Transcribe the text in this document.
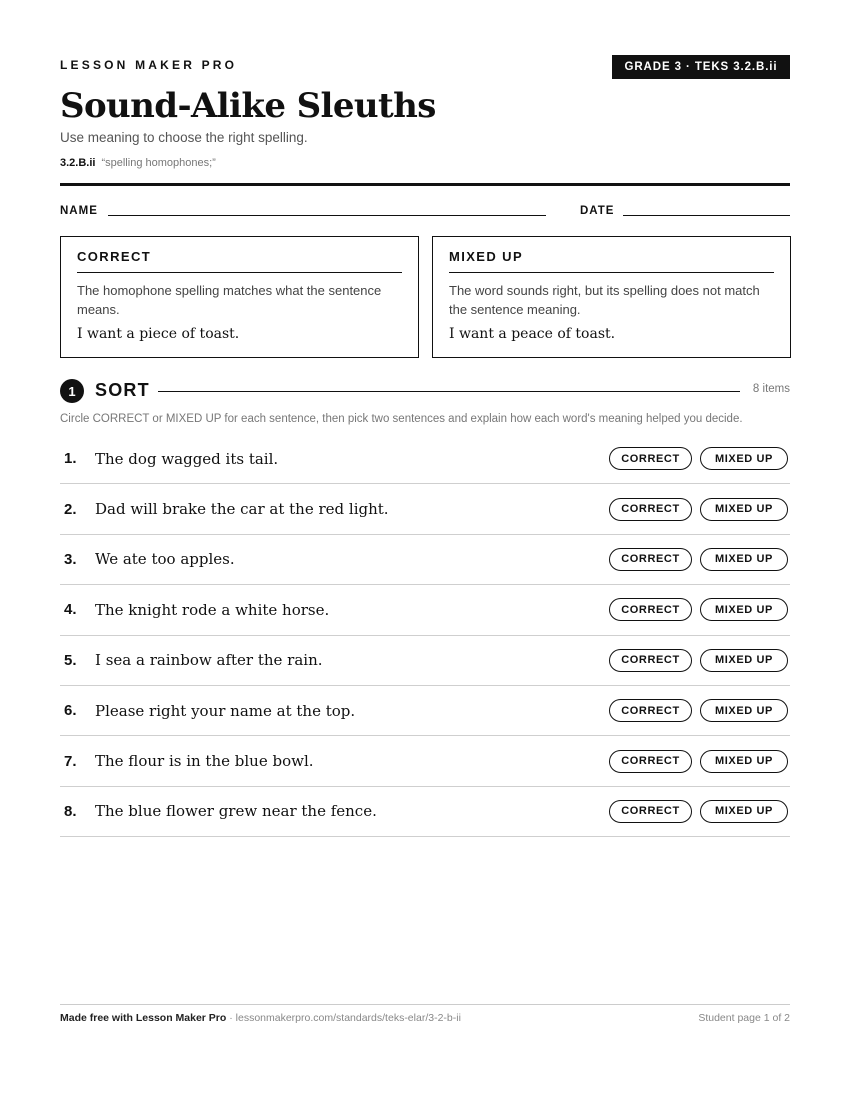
LESSON MAKER PRO	GRADE 3 · TEKS 3.2.B.ii
Sound-Alike Sleuths
Use meaning to choose the right spelling.
3.2.B.ii “spelling homophones;”
NAME	DATE
CORRECT
The homophone spelling matches what the sentence means.
I want a piece of toast.
MIXED UP
The word sounds right, but its spelling does not match the sentence meaning.
I want a peace of toast.
1	SORT	8 items
Circle CORRECT or MIXED UP for each sentence, then pick two sentences and explain how each word's meaning helped you decide.
1.	The dog wagged its tail.	CORRECT	MIXED UP
2.	Dad will brake the car at the red light.	CORRECT	MIXED UP
3.	We ate too apples.	CORRECT	MIXED UP
4.	The knight rode a white horse.	CORRECT	MIXED UP
5.	I sea a rainbow after the rain.	CORRECT	MIXED UP
6.	Please right your name at the top.	CORRECT	MIXED UP
7.	The flour is in the blue bowl.	CORRECT	MIXED UP
8.	The blue flower grew near the fence.	CORRECT	MIXED UP
Made free with Lesson Maker Pro · lessonmakerpro.com/standards/teks-elar/3-2-b-ii	Student page 1 of 2
